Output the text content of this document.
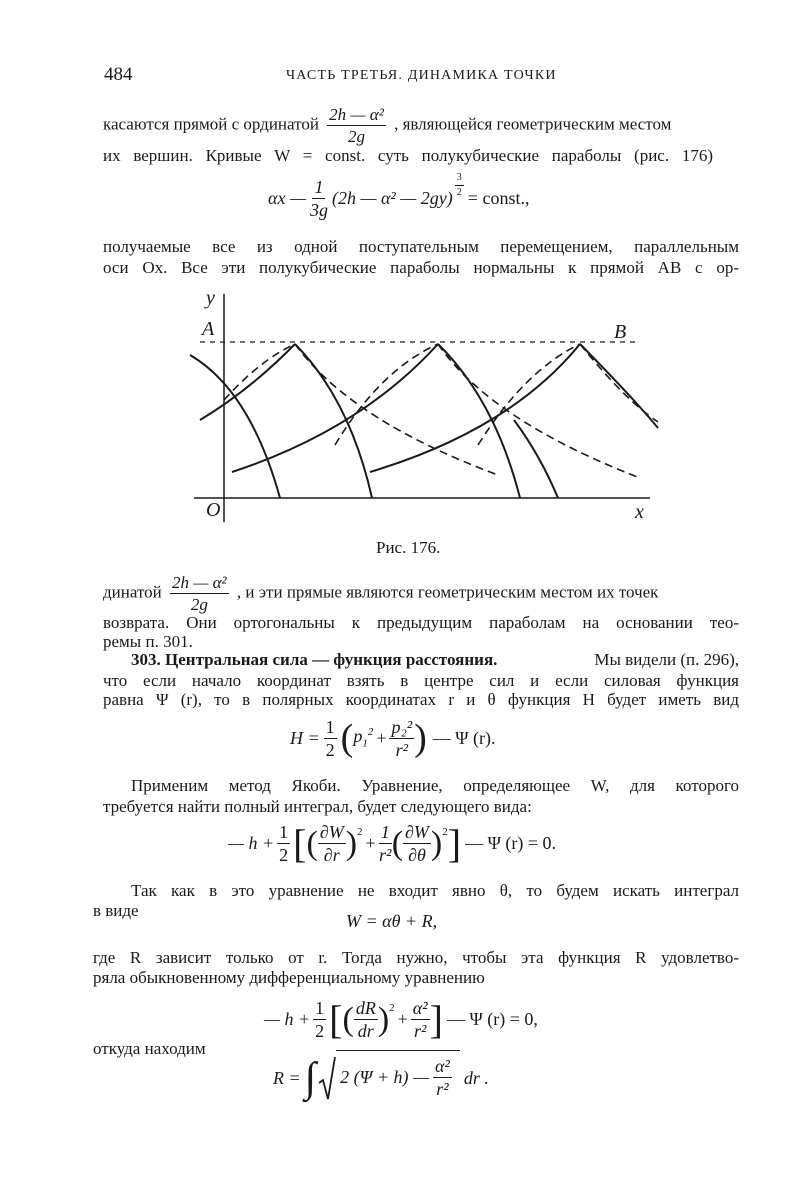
484	ЧАСТЬ ТРЕТЬЯ. ДИНАМИКА ТОЧКИ
касаются прямой с ординатой $\frac{\text{2h — α²}}{2g}$ , являющейся геометрическим местом
их вершин. Кривые W = const. суть полукубические параболы (рис. 176)
αx — $\frac{1}{3g} (2h$ — α² — $2gy) \frac{3}{2}$ = const.,
получаемые все из одной поступательным перемещением, параллельным
оси Ox. Все эти полукубические параболы нормальны к прямой AB с ор-
y
A	B
O	x
Рис. 176.
динатой $\frac{\text{2h — α²}}{2g}$ , и эти прямые являются геометрическим местом их точек
возврата. Они ортогональны к предыдущим параболам на основании тео-
ремы п. 301.
303. Центральная сила — функция расстояния.	Мы видели (п. 296),
что если начало координат взять в центре сил и если силовая функция
равна Ψ (r), то в полярных координатах r и θ функция H будет иметь вид
$H = \frac{1}{2}$ ( $p_1^2 + \frac{\text{p₂²}}{\text{r²}}$ ) — Ψ (r).
Применим метод Якоби. Уравнение, определяющее W, для которого
требуется найти полный интеграл, будет следующего вида:
— $h + \frac{1}{2}$ [ ( $\frac{\partial W}{\partial r} )^2$
+ $\frac{1}{\text{r²}}$ ( $\frac{\partial W}{\partial\theta} )^2$ ] — Ψ (r) = 0.
Так как в это уравнение не входит явно θ, то будем искать интеграл
в виде
W = αθ + R,
где R зависит только от r. Тогда нужно, чтобы эта функция R удовлетво-
ряла обыкновенному дифференциальному уравнению
— $h + \frac{1}{2}$ [ ( $\frac{dR}{dr} )^2$
+ $\frac{\text{α²}}{\text{r²}}$ ] — Ψ (r) = 0,
откуда находим
R = ∫ 2 (Ψ + h) — $\frac{\text{α²}}{\text{r²}}$ dr .
